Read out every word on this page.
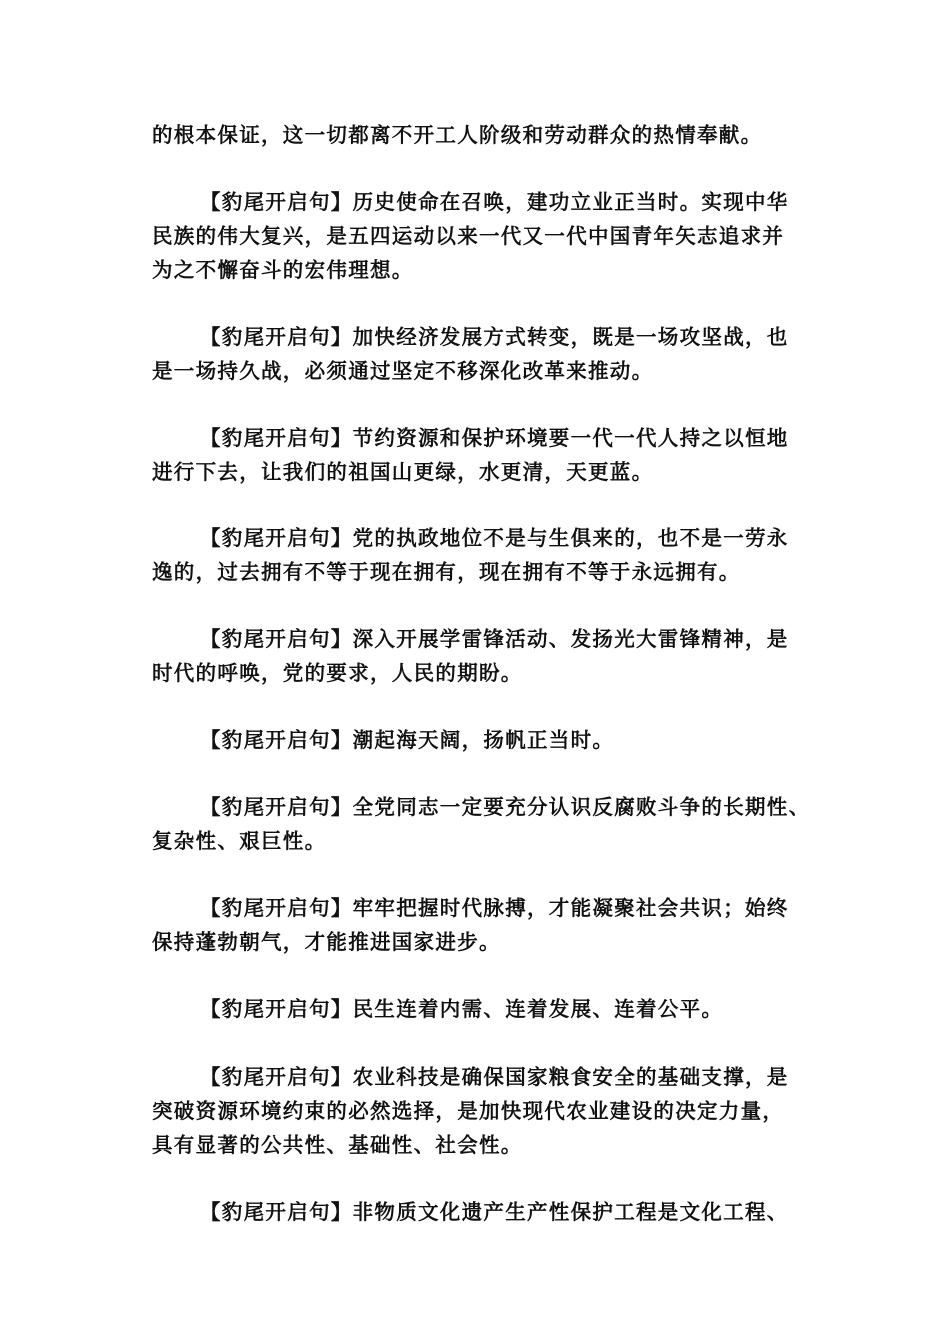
的根本保证，这一切都离不开工人阶级和劳动群众的热情奉献。
【豹尾开启句】历史使命在召唤，建功立业正当时。实现中华
民族的伟大复兴，是五四运动以来一代又一代中国青年矢志追求并
为之不懈奋斗的宏伟理想。
【豹尾开启句】加快经济发展方式转变，既是一场攻坚战，也
是一场持久战，必须通过坚定不移深化改革来推动。
【豹尾开启句】节约资源和保护环境要一代一代人持之以恒地
进行下去，让我们的祖国山更绿，水更清，天更蓝。
【豹尾开启句】党的执政地位不是与生俱来的，也不是一劳永
逸的，过去拥有不等于现在拥有，现在拥有不等于永远拥有。
【豹尾开启句】深入开展学雷锋活动、发扬光大雷锋精神，是
时代的呼唤，党的要求，人民的期盼。
【豹尾开启句】潮起海天阔，扬帆正当时。
【豹尾开启句】全党同志一定要充分认识反腐败斗争的长期性、
复杂性、艰巨性。
【豹尾开启句】牢牢把握时代脉搏，才能凝聚社会共识；始终
保持蓬勃朝气，才能推进国家进步。
【豹尾开启句】民生连着内需、连着发展、连着公平。
【豹尾开启句】农业科技是确保国家粮食安全的基础支撑，是
突破资源环境约束的必然选择，是加快现代农业建设的决定力量，
具有显著的公共性、基础性、社会性。
【豹尾开启句】非物质文化遗产生产性保护工程是文化工程、
